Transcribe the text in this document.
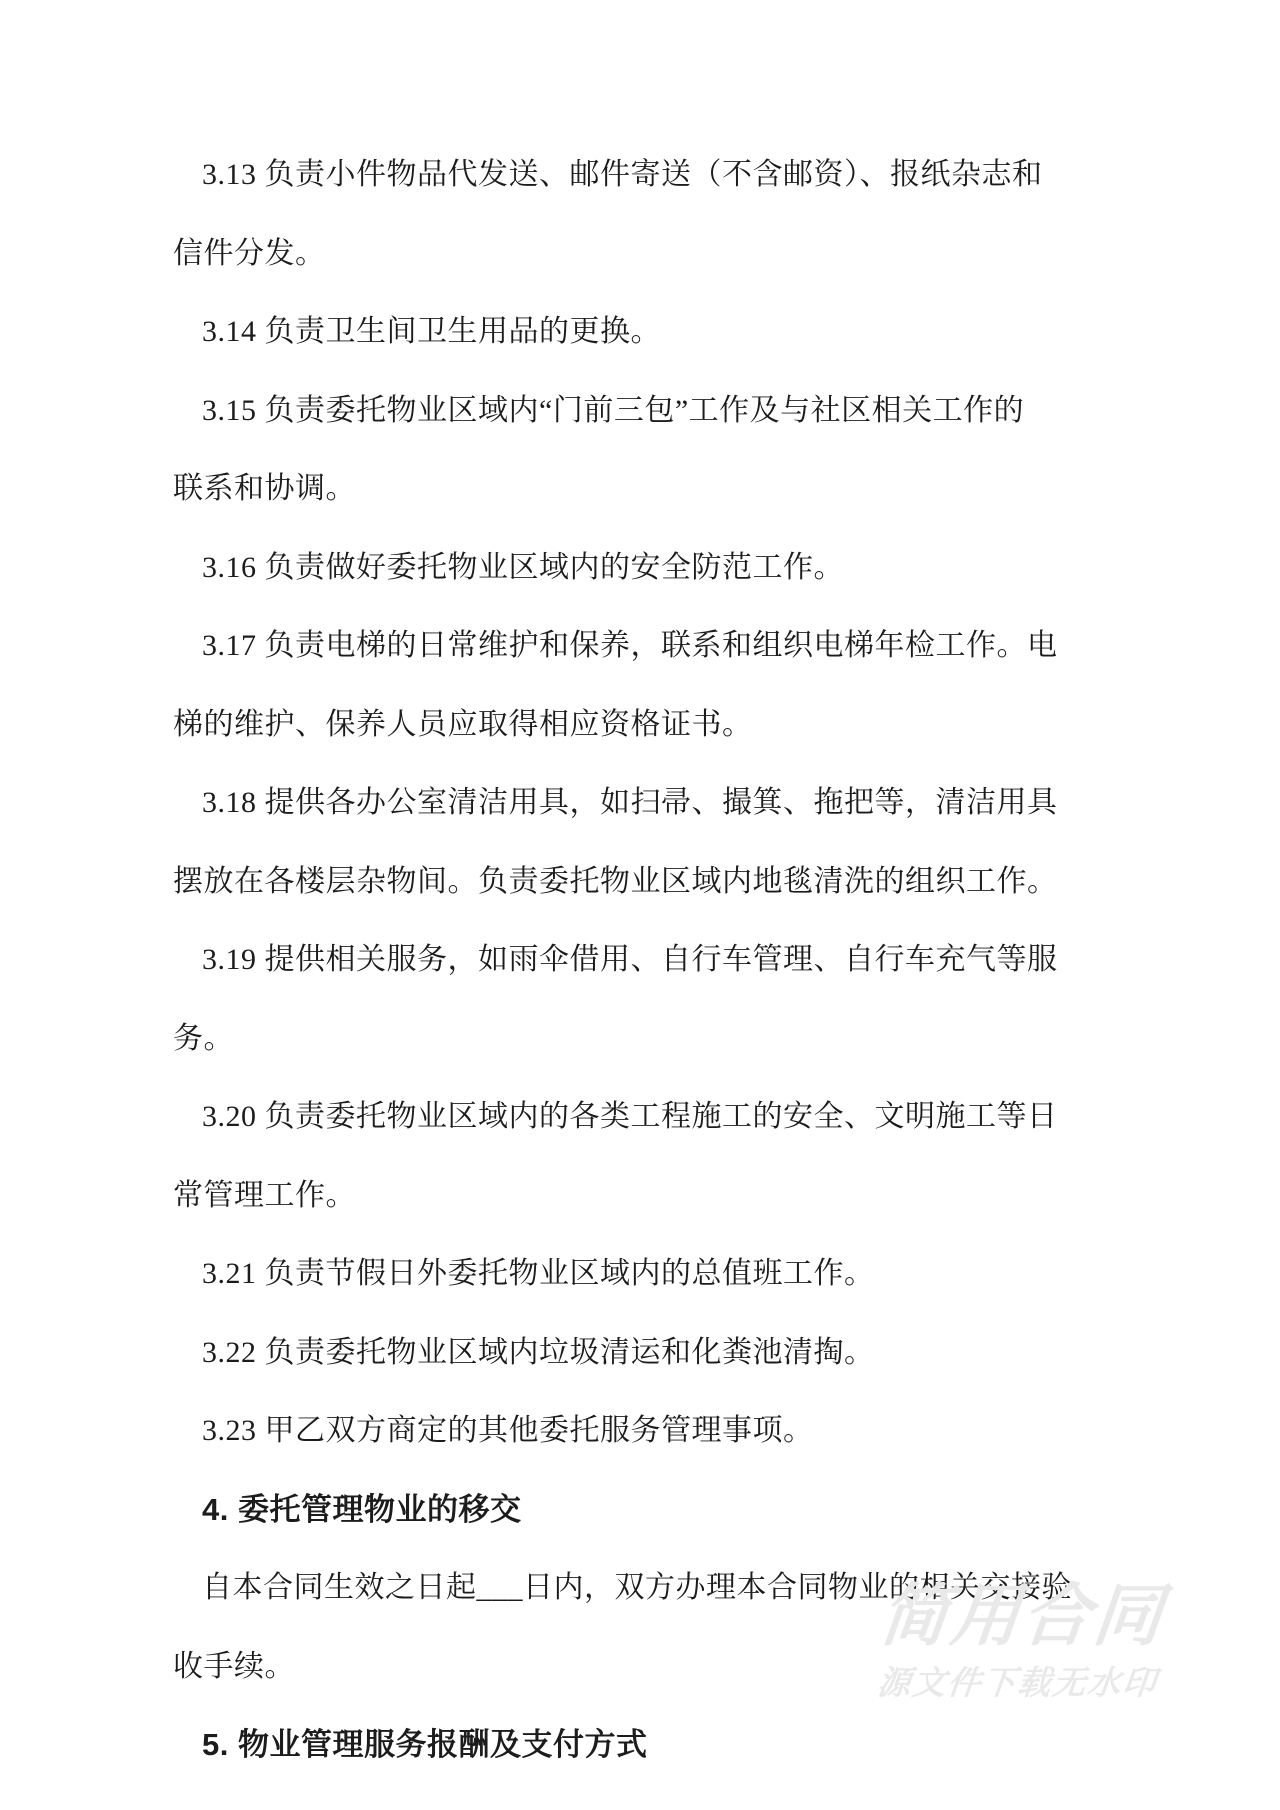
3.13 负责小件物品代发送、邮件寄送（不含邮资）、报纸杂志和
信件分发。
3.14 负责卫生间卫生用品的更换。
3.15 负责委托物业区域内“门前三包”工作及与社区相关工作的
联系和协调。
3.16 负责做好委托物业区域内的安全防范工作。
3.17 负责电梯的日常维护和保养，联系和组织电梯年检工作。电
梯的维护、保养人员应取得相应资格证书。
3.18 提供各办公室清洁用具，如扫帚、撮箕、拖把等，清洁用具
摆放在各楼层杂物间。负责委托物业区域内地毯清洗的组织工作。
3.19 提供相关服务，如雨伞借用、自行车管理、自行车充气等服
务。
3.20 负责委托物业区域内的各类工程施工的安全、文明施工等日
常管理工作。
3.21 负责节假日外委托物业区域内的总值班工作。
3.22 负责委托物业区域内垃圾清运和化粪池清掏。
3.23 甲乙双方商定的其他委托服务管理事项。
4. 委托管理物业的移交
自本合同生效之日起___日内，双方办理本合同物业的相关交接验
收手续。
5. 物业管理服务报酬及支付方式
简用合同
源文件下载无水印
